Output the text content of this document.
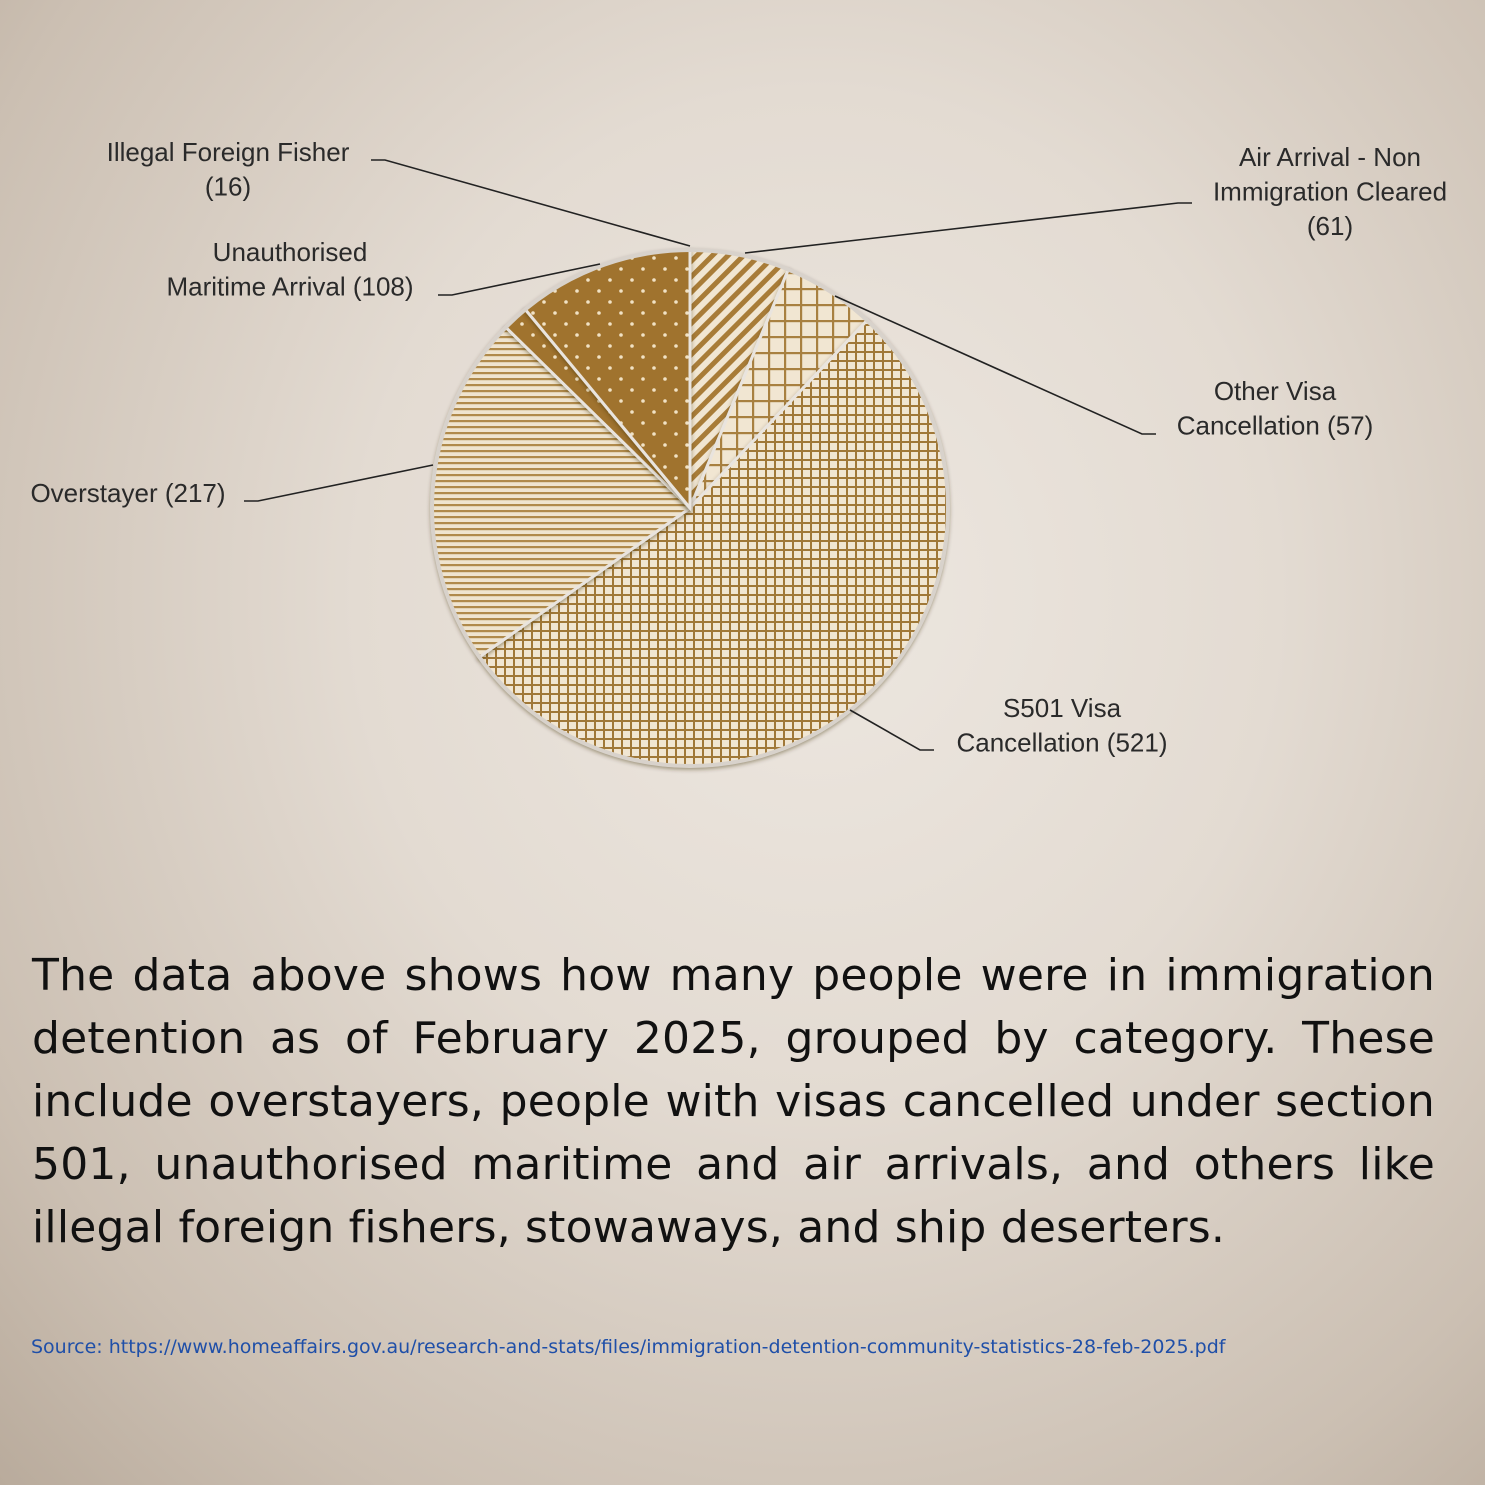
Air Arrival - Non Immigration Cleared (61)
Other Visa Cancellation (57)
S501 Visa Cancellation (521)
Overstayer (217)
Illegal Foreign Fisher (16)
Unauthorised Maritime Arrival (108)

The data above shows how many people were in immigration detention as of February 2025, grouped by category. These include overstayers, people with visas cancelled under section 501, unauthorised maritime and air arrivals, and others like illegal foreign fishers, stowaways, and ship deserters.

Source: https://www.homeaffairs.gov.au/research-and-stats/files/immigration-detention-community-statistics-28-feb-2025.pdf
